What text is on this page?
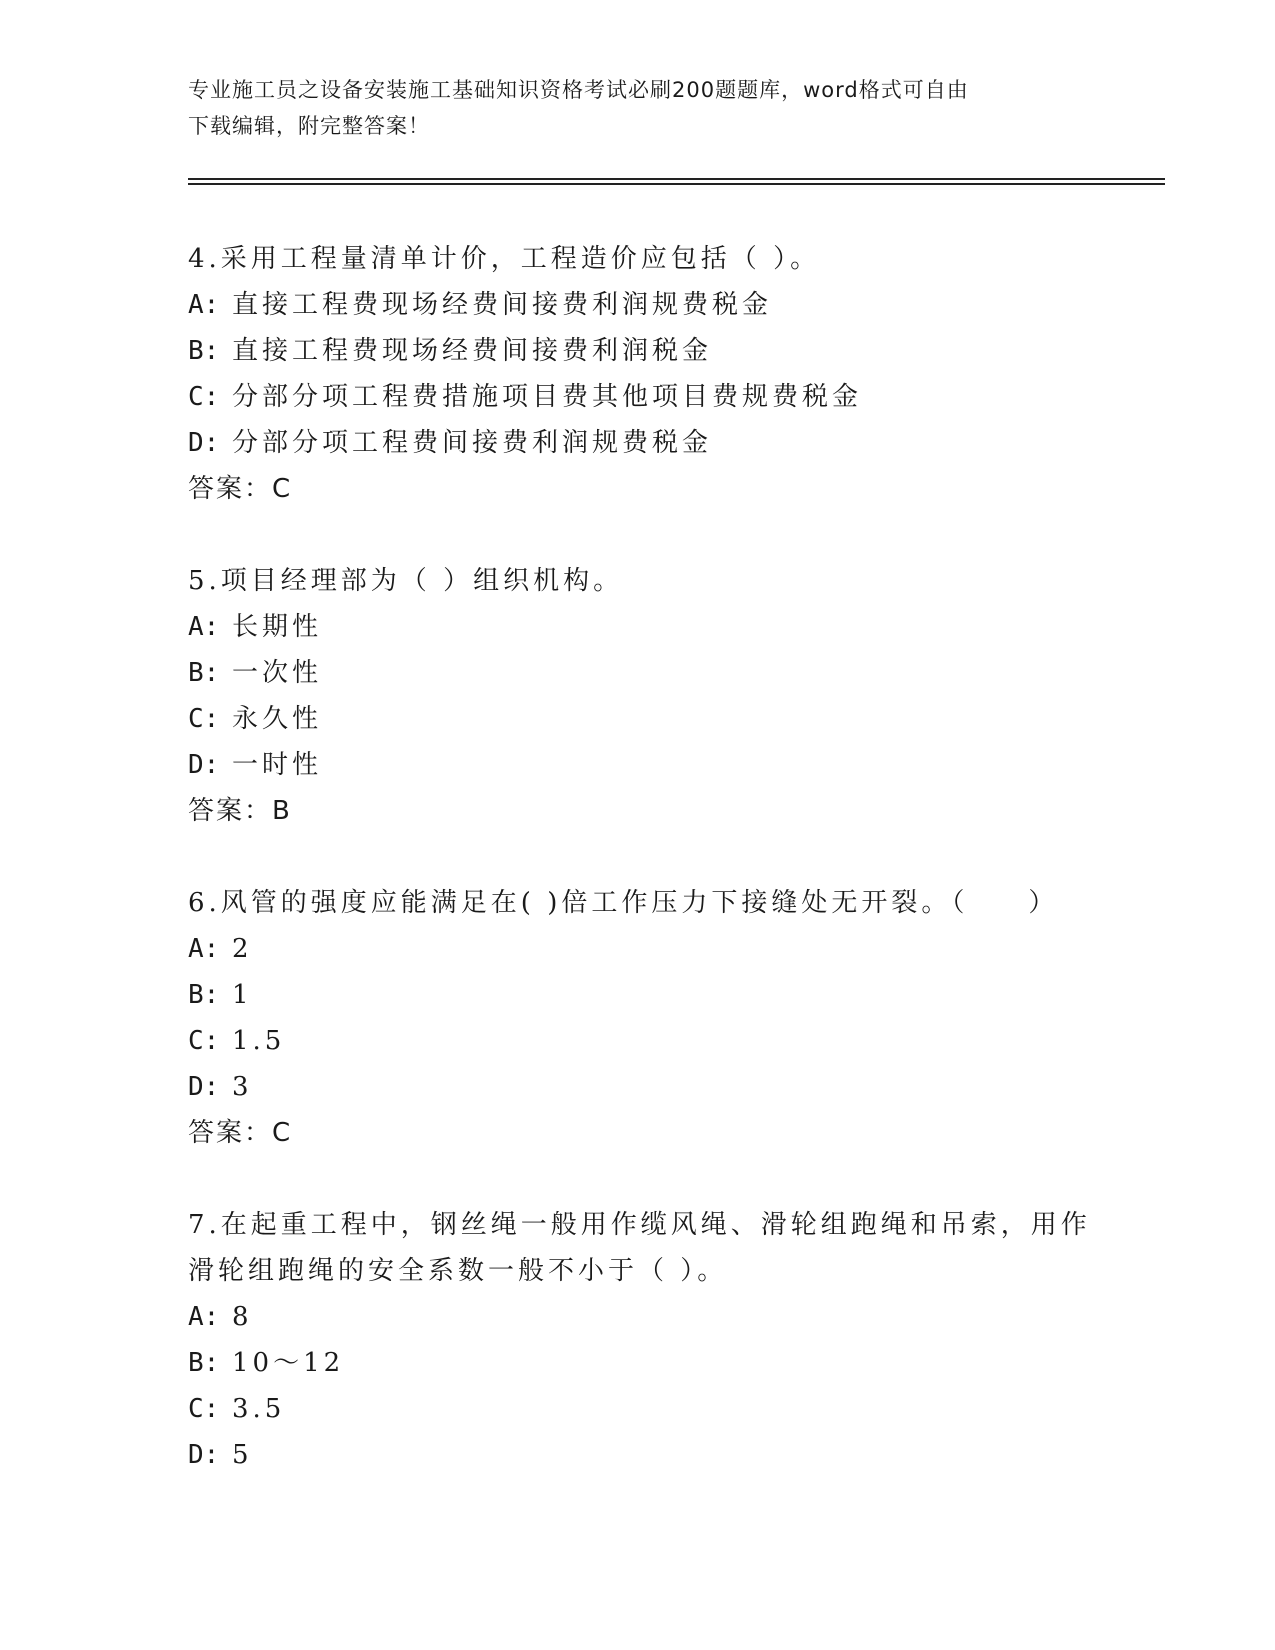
专业施工员之设备安装施工基础知识资格考试必刷200题题库，word格式可自由
下载编辑，附完整答案！
4.采用工程量清单计价，工程造价应包括（ ）。
A: 直接工程费现场经费间接费利润规费税金
B: 直接工程费现场经费间接费利润税金
C: 分部分项工程费措施项目费其他项目费规费税金
D: 分部分项工程费间接费利润规费税金
答案：C
5.项目经理部为（ ）组织机构。
A: 长期性
B: 一次性
C: 永久性
D: 一时性
答案：B
6.风管的强度应能满足在( )倍工作压力下接缝处无开裂。（　　）
A: 2
B: 1
C: 1.5
D: 3
答案：C
7.在起重工程中，钢丝绳一般用作缆风绳、滑轮组跑绳和吊索，用作
滑轮组跑绳的安全系数一般不小于（ ）。
A: 8
B: 10～12
C: 3.5
D: 5
